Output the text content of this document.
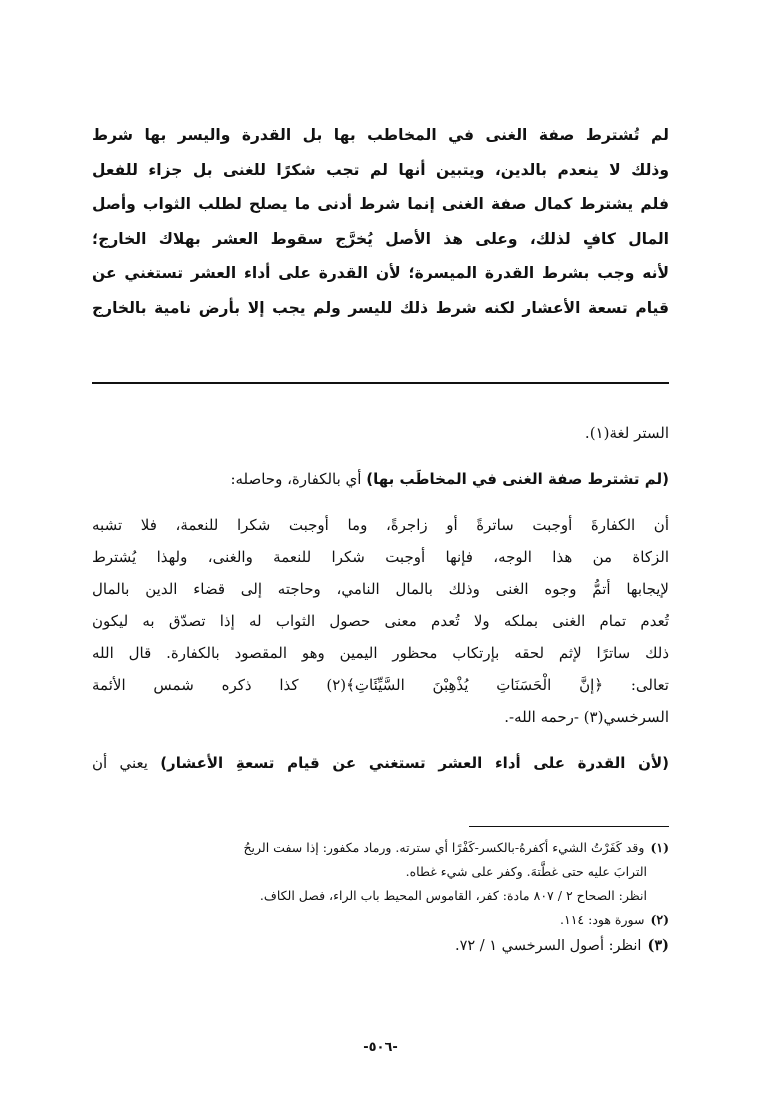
لم تُشترط صفة الغنى في المخاطب بها بل القدرة واليسر بها شرط
وذلك لا ينعدم بالدين، ويتبين أنها لم تجب شكرًا للغنى بل جزاء للفعل
فلم يشترط كمال صفة الغنى إنما شرط أدنى ما يصلح لطلب الثواب وأصل
المال كافٍ لذلك، وعلى هذ الأصل يُخرَّج سقوط العشر بهلاك الخارج؛
لأنه وجب بشرط القدرة الميسرة؛ لأن القدرة على أداء العشر تستغني عن
قيام تسعة الأعشار لكنه شرط ذلك لليسر ولم يجب إلا بأرض نامية بالخارج
الستر لغة(١).
(لم تشترط صفة الغنى في المخاطَب بها) أي بالكفارة، وحاصله:
أن الكفارةَ أوجبت ساترةً أو زاجرةً، وما أوجبت شكرا للنعمة، فلا تشبه
الزكاة من هذا الوجه، فإنها أوجبت شكرا للنعمة والغنى، ولهذا يُشترط
لإيجابها أتمُّ وجوه الغنى وذلك بالمال النامي، وحاجته إلى قضاء الدين بالمال
تُعدم تمام الغنى بملكه ولا تُعدم معنى حصول الثواب له إذا تصدّق به ليكون
ذلك ساترًا لإثم لحقه بإرتكاب محظور اليمين وهو المقصود بالكفارة. قال الله
تعالى: ﴿إنَّ الْحَسَنَاتِ يُذْهِبْنَ السَّيِّئَاتِ﴾(٢) كذا ذكره شمس الأئمة
السرخسي(٣) -رحمه الله-.
(لأن القدرة على أداء العشر تستغني عن قيام تسعةِ الأعشار) يعني أن
(١)وقد كَفَرْتُ الشيء أكفرهُ-بالكسر-كَفْرًا أي سترته. ورماد مكفور: إذا سفت الريحُ
الترابَ عليه حتى غطَّتهَ. وكفر على شيء غطاه.
انظر: الصحاح ٢ / ٨٠٧ مادة: كفر، القاموس المحيط باب الراء، فصل الكاف.
(٢)سورة هود: ١١٤.
(٣)انظر: أصول السرخسي ١ / ٧٢.
-٥٠٦-
